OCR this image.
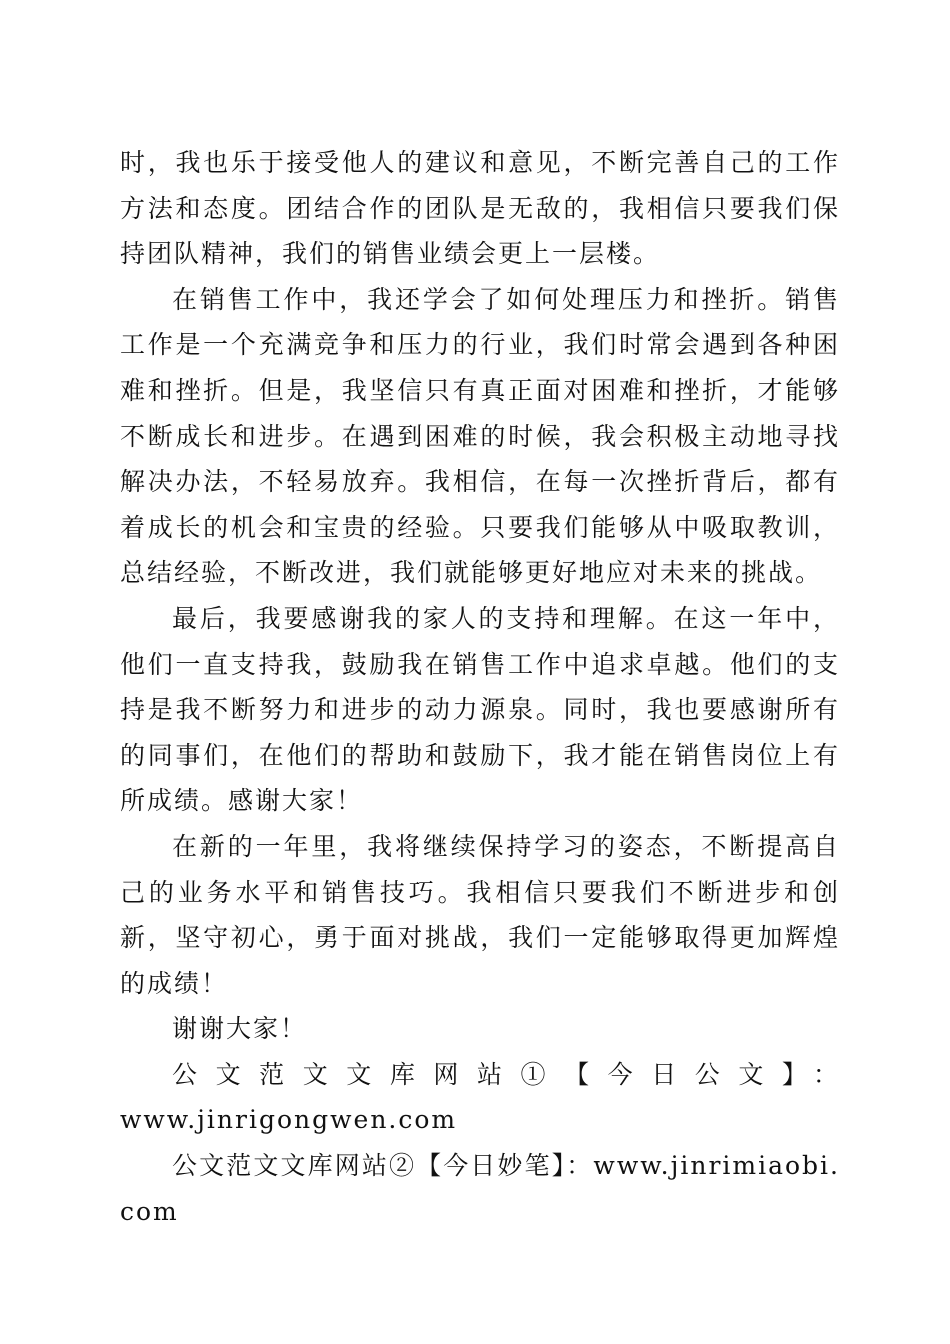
时，我也乐于接受他人的建议和意见，不断完善自己的工作方法和态度。团结合作的团队是无敌的，我相信只要我们保持团队精神，我们的销售业绩会更上一层楼。

在销售工作中，我还学会了如何处理压力和挫折。销售工作是一个充满竞争和压力的行业，我们时常会遇到各种困难和挫折。但是，我坚信只有真正面对困难和挫折，才能够不断成长和进步。在遇到困难的时候，我会积极主动地寻找解决办法，不轻易放弃。我相信，在每一次挫折背后，都有着成长的机会和宝贵的经验。只要我们能够从中吸取教训，总结经验，不断改进，我们就能够更好地应对未来的挑战。

最后，我要感谢我的家人的支持和理解。在这一年中，他们一直支持我，鼓励我在销售工作中追求卓越。他们的支持是我不断努力和进步的动力源泉。同时，我也要感谢所有的同事们，在他们的帮助和鼓励下，我才能在销售岗位上有所成绩。感谢大家！

在新的一年里，我将继续保持学习的姿态，不断提高自己的业务水平和销售技巧。我相信只要我们不断进步和创新，坚守初心，勇于面对挑战，我们一定能够取得更加辉煌的成绩！

谢谢大家！

公文范文文库网站①【今日公文】：

www.jinrigongwen.com

公文范文文库网站②【今日妙笔】：www.jinrimiaobi.com
